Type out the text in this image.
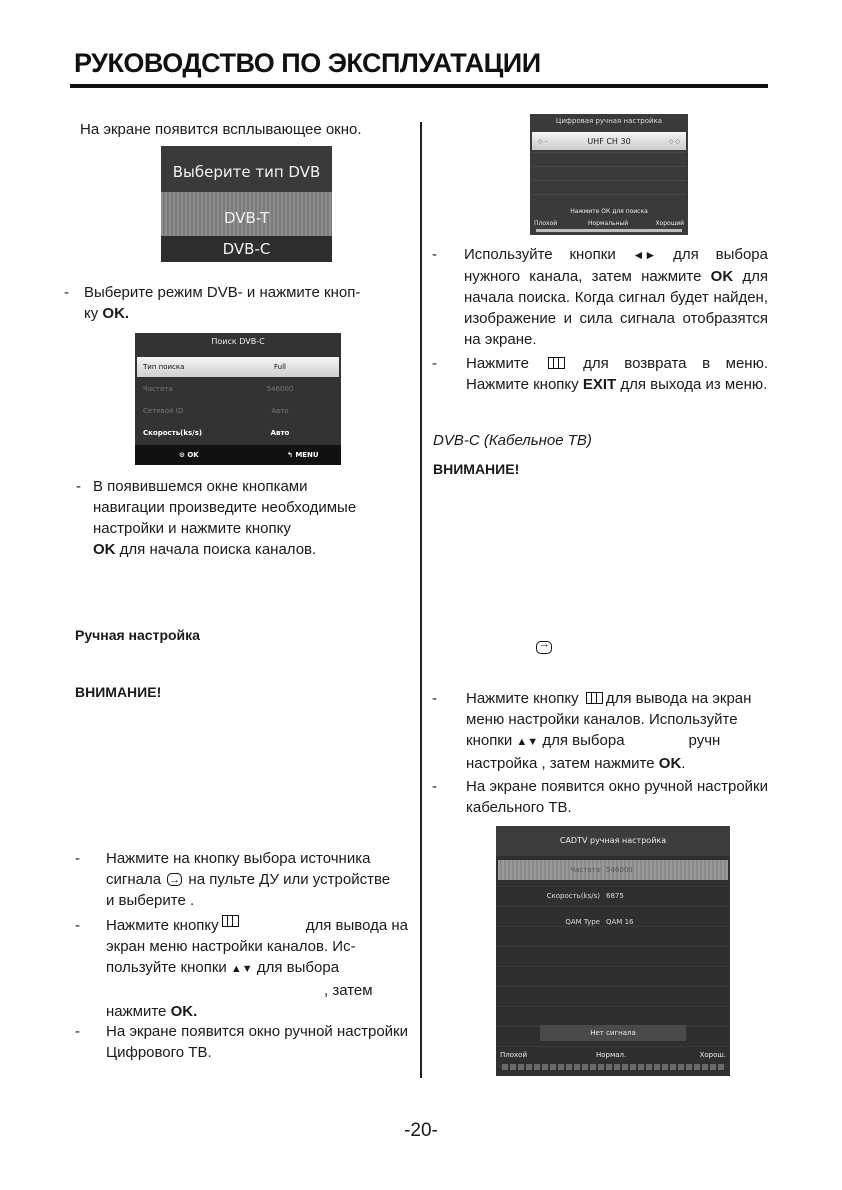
РУКОВОДСТВО ПО ЭКСПЛУАТАЦИИ
На экране появится всплывающее окно.
Выберите тип DVB
DVB-T
DVB-C
- Выберите режим DVB- и нажмите кноп-
ку OK.
Поиск DVB-C
Тип поиска	Full
Частота	546000
Сетевой ID	Авто
Скорость(ks/s)	Авто
⊙ OK	↰ MENU
- В появившемся окне кнопками
навигации произведите необходимые
настройки и нажмите кнопку
OK для начала поиска каналов.
Ручная настройка
ВНИМАНИЕ!
- Нажмите на кнопку выбора источника
сигнала → на пульте ДУ или устройстве
и выберите .
- Нажмите кнопку	для вывода на
экран меню настройки каналов. Ис-
пользуйте кнопки ▲▼ для выбора
, затем
нажмите OK.
- На экране появится окно ручной настройки Цифрового ТВ.
Цифровая ручная настройка
◇ –	UHF CH 30	◇ ◇
Нажмите ОК для поиска
Плохой	Нормальный	Хороший
- Используйте кнопки ◄► для выбора нужного канала, затем нажмите OK для начала поиска. Когда сигнал будет найден, изображение и сила сигнала отобразятся на экране.
- Нажмите  для возврата в меню. Нажмите кнопку EXIT для выхода из меню.
DVB-C (Кабельное ТВ)
ВНИМАНИЕ!
→
- Нажмите кнопку для вывода на экран
меню настройки каналов. Используйте
кнопки ▲▼ для выбора	ручн
настройка , затем нажмите OK.
- На экране появится окно ручной настройки кабельного ТВ.
CADTV ручная настройка
Частота 546000
Скорость(ks/s) 6875
QAM Type QAM 16
Нет сигнала
Плохой	Нормал.	Хорош.
-20-
